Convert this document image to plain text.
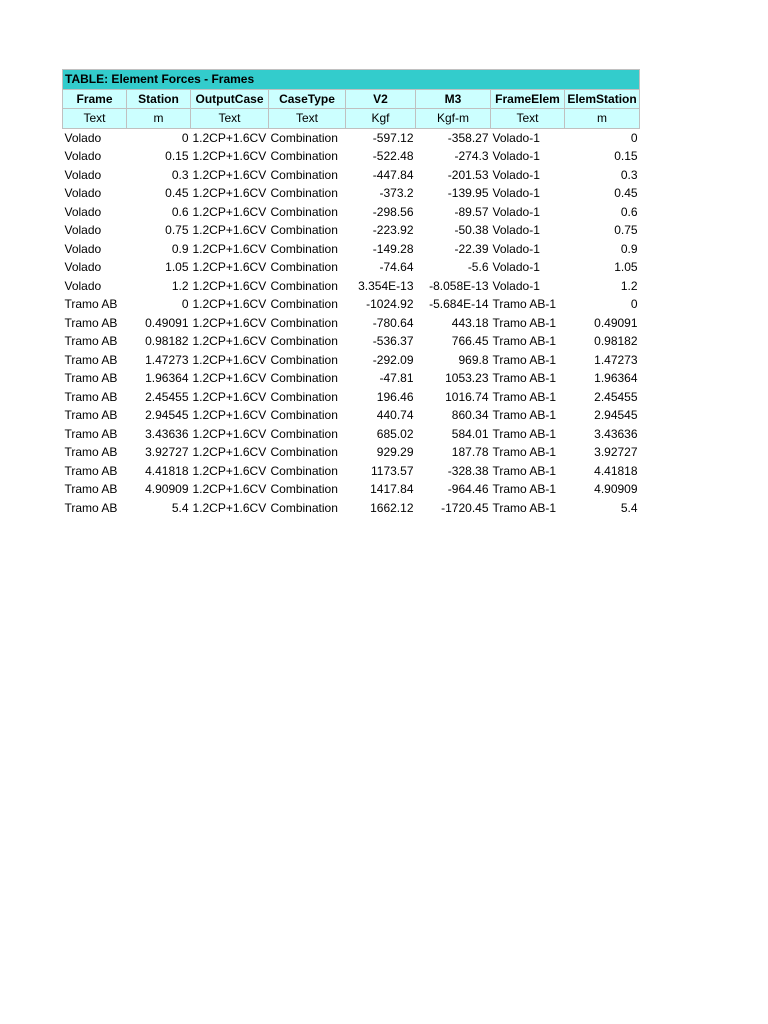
TABLE: Element Forces - Frames							
Frame	Station	OutputCase	CaseType	V2	M3	FrameElem	ElemStation
Text	m	Text	Text	Kgf	Kgf-m	Text	m
Volado	0	1.2CP+1.6CV	Combination	-597.12	-358.27	Volado-1	0
Volado	0.15	1.2CP+1.6CV	Combination	-522.48	-274.3	Volado-1	0.15
Volado	0.3	1.2CP+1.6CV	Combination	-447.84	-201.53	Volado-1	0.3
Volado	0.45	1.2CP+1.6CV	Combination	-373.2	-139.95	Volado-1	0.45
Volado	0.6	1.2CP+1.6CV	Combination	-298.56	-89.57	Volado-1	0.6
Volado	0.75	1.2CP+1.6CV	Combination	-223.92	-50.38	Volado-1	0.75
Volado	0.9	1.2CP+1.6CV	Combination	-149.28	-22.39	Volado-1	0.9
Volado	1.05	1.2CP+1.6CV	Combination	-74.64	-5.6	Volado-1	1.05
Volado	1.2	1.2CP+1.6CV	Combination	3.354E-13	-8.058E-13	Volado-1	1.2
Tramo AB	0	1.2CP+1.6CV	Combination	-1024.92	-5.684E-14	Tramo AB-1	0
Tramo AB	0.49091	1.2CP+1.6CV	Combination	-780.64	443.18	Tramo AB-1	0.49091
Tramo AB	0.98182	1.2CP+1.6CV	Combination	-536.37	766.45	Tramo AB-1	0.98182
Tramo AB	1.47273	1.2CP+1.6CV	Combination	-292.09	969.8	Tramo AB-1	1.47273
Tramo AB	1.96364	1.2CP+1.6CV	Combination	-47.81	1053.23	Tramo AB-1	1.96364
Tramo AB	2.45455	1.2CP+1.6CV	Combination	196.46	1016.74	Tramo AB-1	2.45455
Tramo AB	2.94545	1.2CP+1.6CV	Combination	440.74	860.34	Tramo AB-1	2.94545
Tramo AB	3.43636	1.2CP+1.6CV	Combination	685.02	584.01	Tramo AB-1	3.43636
Tramo AB	3.92727	1.2CP+1.6CV	Combination	929.29	187.78	Tramo AB-1	3.92727
Tramo AB	4.41818	1.2CP+1.6CV	Combination	1173.57	-328.38	Tramo AB-1	4.41818
Tramo AB	4.90909	1.2CP+1.6CV	Combination	1417.84	-964.46	Tramo AB-1	4.90909
Tramo AB	5.4	1.2CP+1.6CV	Combination	1662.12	-1720.45	Tramo AB-1	5.4
